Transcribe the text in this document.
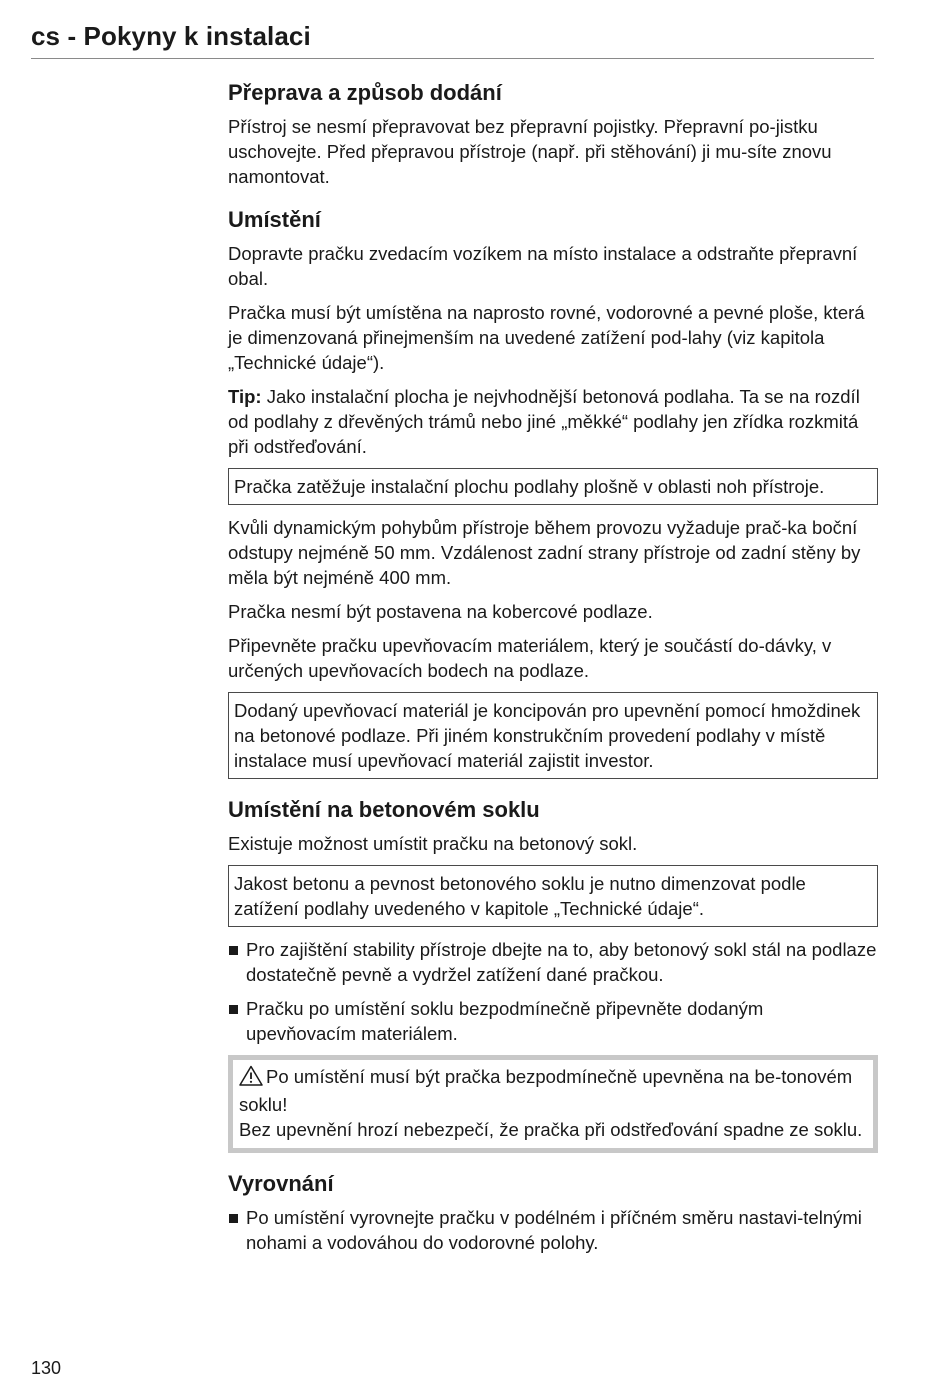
cs - Pokyny k instalaci
Přeprava a způsob dodání

Přístroj se nesmí přepravovat bez přepravní pojistky. Přepravní po-jistku uschovejte. Před přepravou přístroje (např. při stěhování) ji mu-síte znovu namontovat.

Umístění

Dopravte pračku zvedacím vozíkem na místo instalace a odstraňte přepravní obal.

Pračka musí být umístěna na naprosto rovné, vodorovné a pevné ploše, která je dimenzovaná přinejmenším na uvedené zatížení pod-lahy (viz kapitola „Technické údaje“).

Tip: Jako instalační plocha je nejvhodnější betonová podlaha. Ta se na rozdíl od podlahy z dřevěných trámů nebo jiné „měkké“ podlahy jen zřídka rozkmitá při odstřeďování.

Pračka zatěžuje instalační plochu podlahy plošně v oblasti noh přístroje.

Kvůli dynamickým pohybům přístroje během provozu vyžaduje prač-ka boční odstupy nejméně 50 mm. Vzdálenost zadní strany přístroje od zadní stěny by měla být nejméně 400 mm.

Pračka nesmí být postavena na kobercové podlaze.

Připevněte pračku upevňovacím materiálem, který je součástí do-dávky, v určených upevňovacích bodech na podlaze.

Dodaný upevňovací materiál je koncipován pro upevnění pomocí hmoždinek na betonové podlaze. Při jiném konstrukčním provedení podlahy v místě instalace musí upevňovací materiál zajistit investor.
Umístění na betonovém soklu

Existuje možnost umístit pračku na betonový sokl.

Jakost betonu a pevnost betonového soklu je nutno dimenzovat podle zatížení podlahy uvedeného v kapitole „Technické údaje“.
Pro zajištění stability přístroje dbejte na to, aby betonový sokl stál na podlaze dostatečně pevně a vydržel zatížení dané pračkou.
Pračku po umístění soklu bezpodmínečně připevněte dodaným upevňovacím materiálem.

Po umístění musí být pračka bezpodmínečně upevněna na be-tonovém soklu!

Bez upevnění hrozí nebezpečí, že pračka při odstřeďování spadne ze soklu.

Vyrovnání
Po umístění vyrovnejte pračku v podélném i příčném směru nastavi-telnými nohami a vodováhou do vodorovné polohy.
130
